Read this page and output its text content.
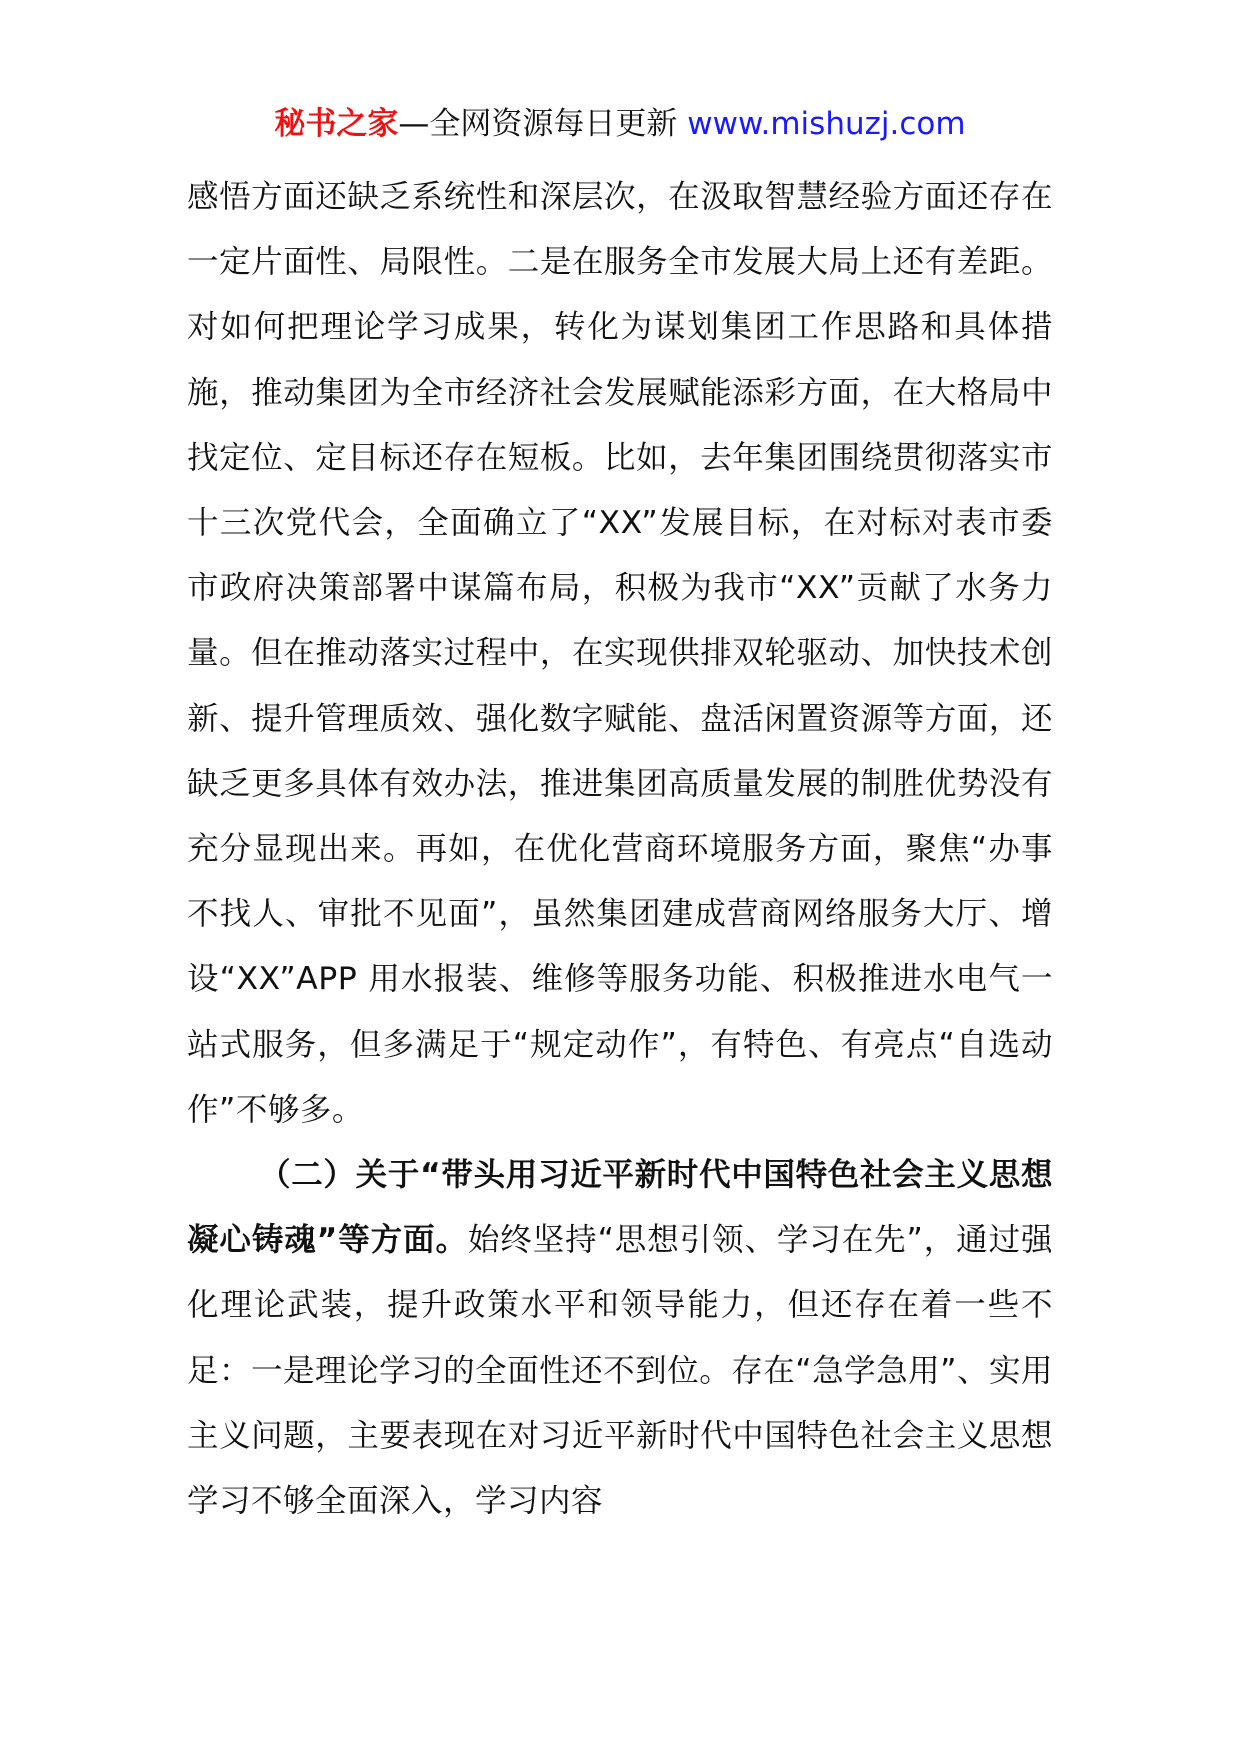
秘书之家—全网资源每日更新 www.mishuzj.com

感悟方面还缺乏系统性和深层次，在汲取智慧经验方面还存在一定片面性、局限性。二是在服务全市发展大局上还有差距。对如何把理论学习成果，转化为谋划集团工作思路和具体措施，推动集团为全市经济社会发展赋能添彩方面，在大格局中找定位、定目标还存在短板。比如，去年集团围绕贯彻落实市十三次党代会，全面确立了“XX”发展目标，在对标对表市委市政府决策部署中谋篇布局，积极为我市“XX”贡献了水务力量。但在推动落实过程中，在实现供排双轮驱动、加快技术创新、提升管理质效、强化数字赋能、盘活闲置资源等方面，还缺乏更多具体有效办法，推进集团高质量发展的制胜优势没有充分显现出来。再如，在优化营商环境服务方面，聚焦“办事不找人、审批不见面”，虽然集团建成营商网络服务大厅、增设“XX”APP 用水报装、维修等服务功能、积极推进水电气一站式服务，但多满足于“规定动作”，有特色、有亮点“自选动作”不够多。

（二）关于“带头用习近平新时代中国特色社会主义思想凝心铸魂”等方面。始终坚持“思想引领、学习在先”，通过强化理论武装，提升政策水平和领导能力，但还存在着一些不足：一是理论学习的全面性还不到位。存在“急学急用”、实用主义问题，主要表现在对习近平新时代中国特色社会主义思想学习不够全面深入，学习内容
